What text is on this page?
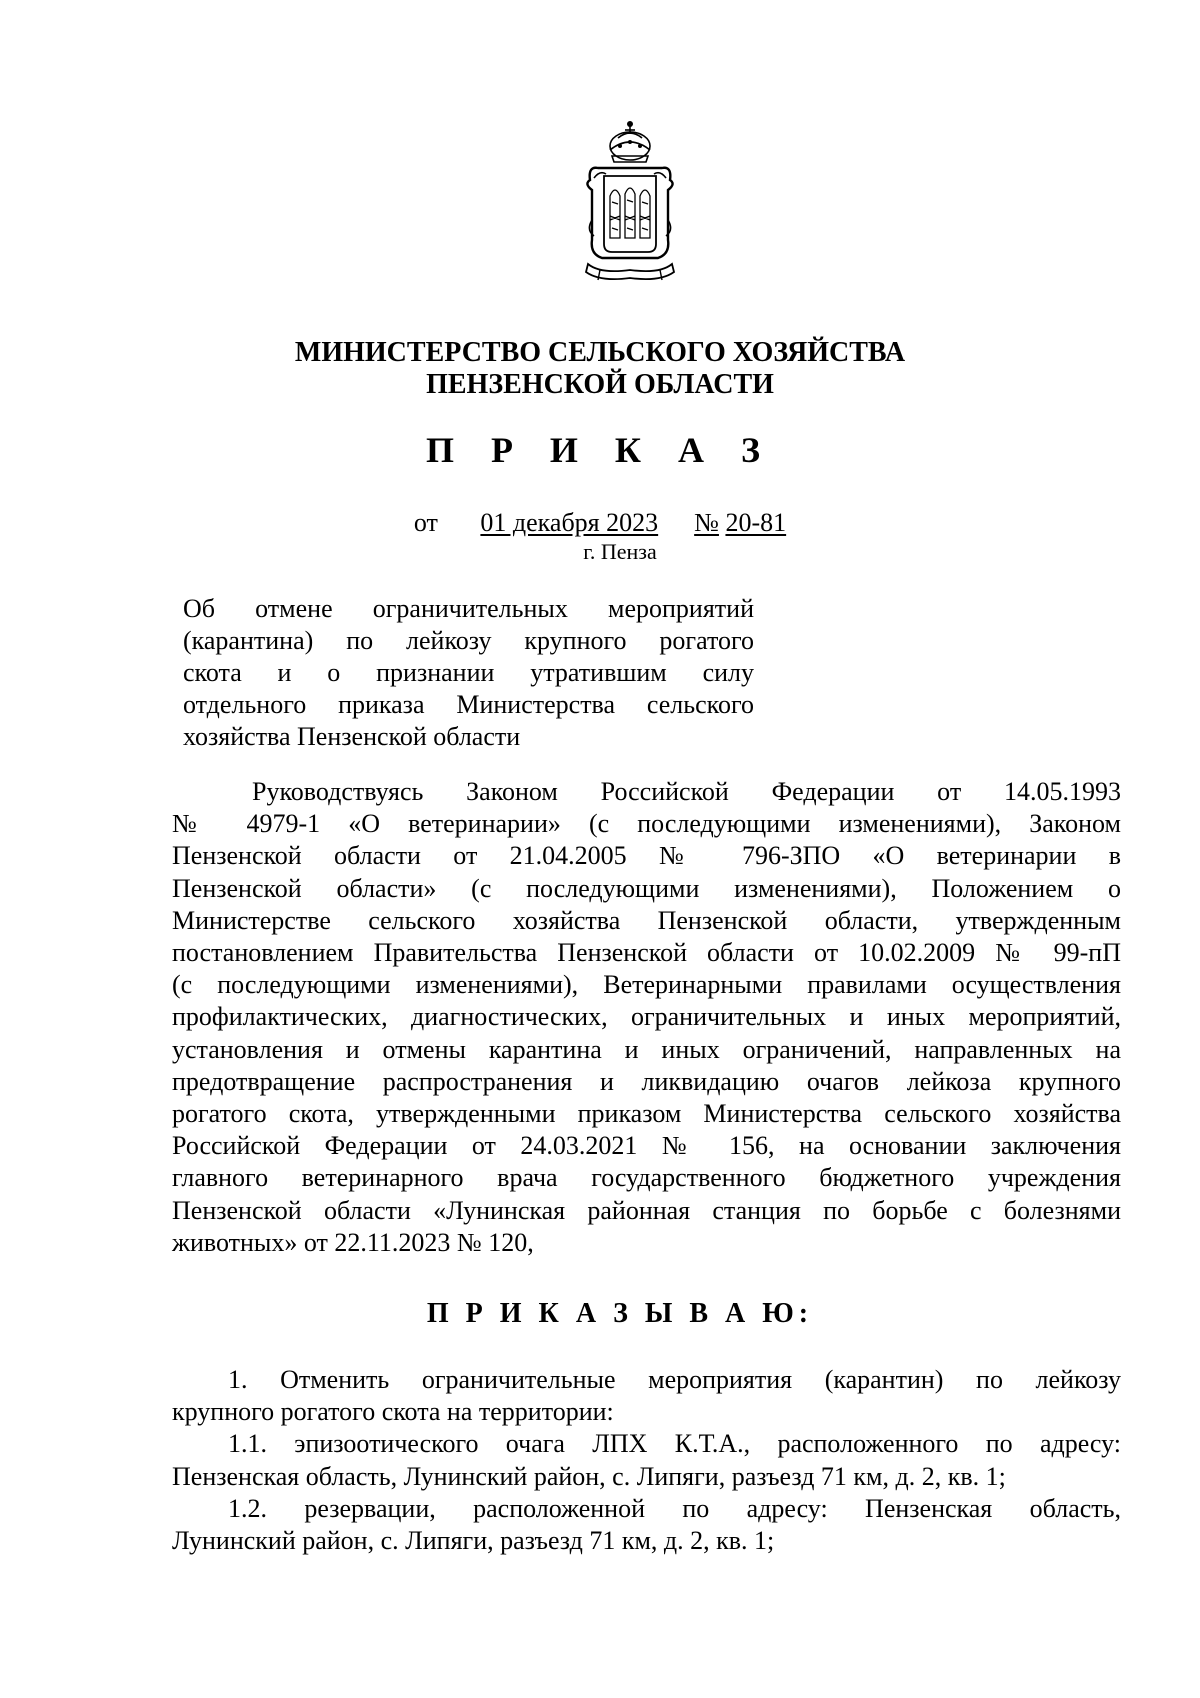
МИНИСТЕРСТВО СЕЛЬСКОГО ХОЗЯЙСТВА
ПЕНЗЕНСКОЙ ОБЛАСТИ
П Р И К А З
от 01 декабря 2023 № 20-81
г. Пенза
Об отмене ограничительных мероприятий
(карантина) по лейкозу крупного рогатого
скота и о признании утратившим силу
отдельного приказа Министерства сельского
хозяйства Пензенской области
Руководствуясь Законом Российской Федерации от 14.05.1993
№ 4979-1 «О ветеринарии» (с последующими изменениями), Законом
Пензенской области от 21.04.2005 № 796-ЗПО «О ветеринарии в
Пензенской области» (с последующими изменениями), Положением о
Министерстве сельского хозяйства Пензенской области, утвержденным
постановлением Правительства Пензенской области от 10.02.2009 № 99-пП
(с последующими изменениями), Ветеринарными правилами осуществления
профилактических, диагностических, ограничительных и иных мероприятий,
установления и отмены карантина и иных ограничений, направленных на
предотвращение распространения и ликвидацию очагов лейкоза крупного
рогатого скота, утвержденными приказом Министерства сельского хозяйства
Российской Федерации от 24.03.2021 № 156, на основании заключения
главного ветеринарного врача государственного бюджетного учреждения
Пензенской области «Лунинская районная станция по борьбе с болезнями
животных» от 22.11.2023 № 120,
П Р И К А З Ы В А Ю:
1. Отменить ограничительные мероприятия (карантин) по лейкозу
крупного рогатого скота на территории:
1.1. эпизоотического очага ЛПХ К.Т.А., расположенного по адресу:
Пензенская область, Лунинский район, с. Липяги, разъезд 71 км, д. 2, кв. 1;
1.2. резервации, расположенной по адресу: Пензенская область,
Лунинский район, с. Липяги, разъезд 71 км, д. 2, кв. 1;
